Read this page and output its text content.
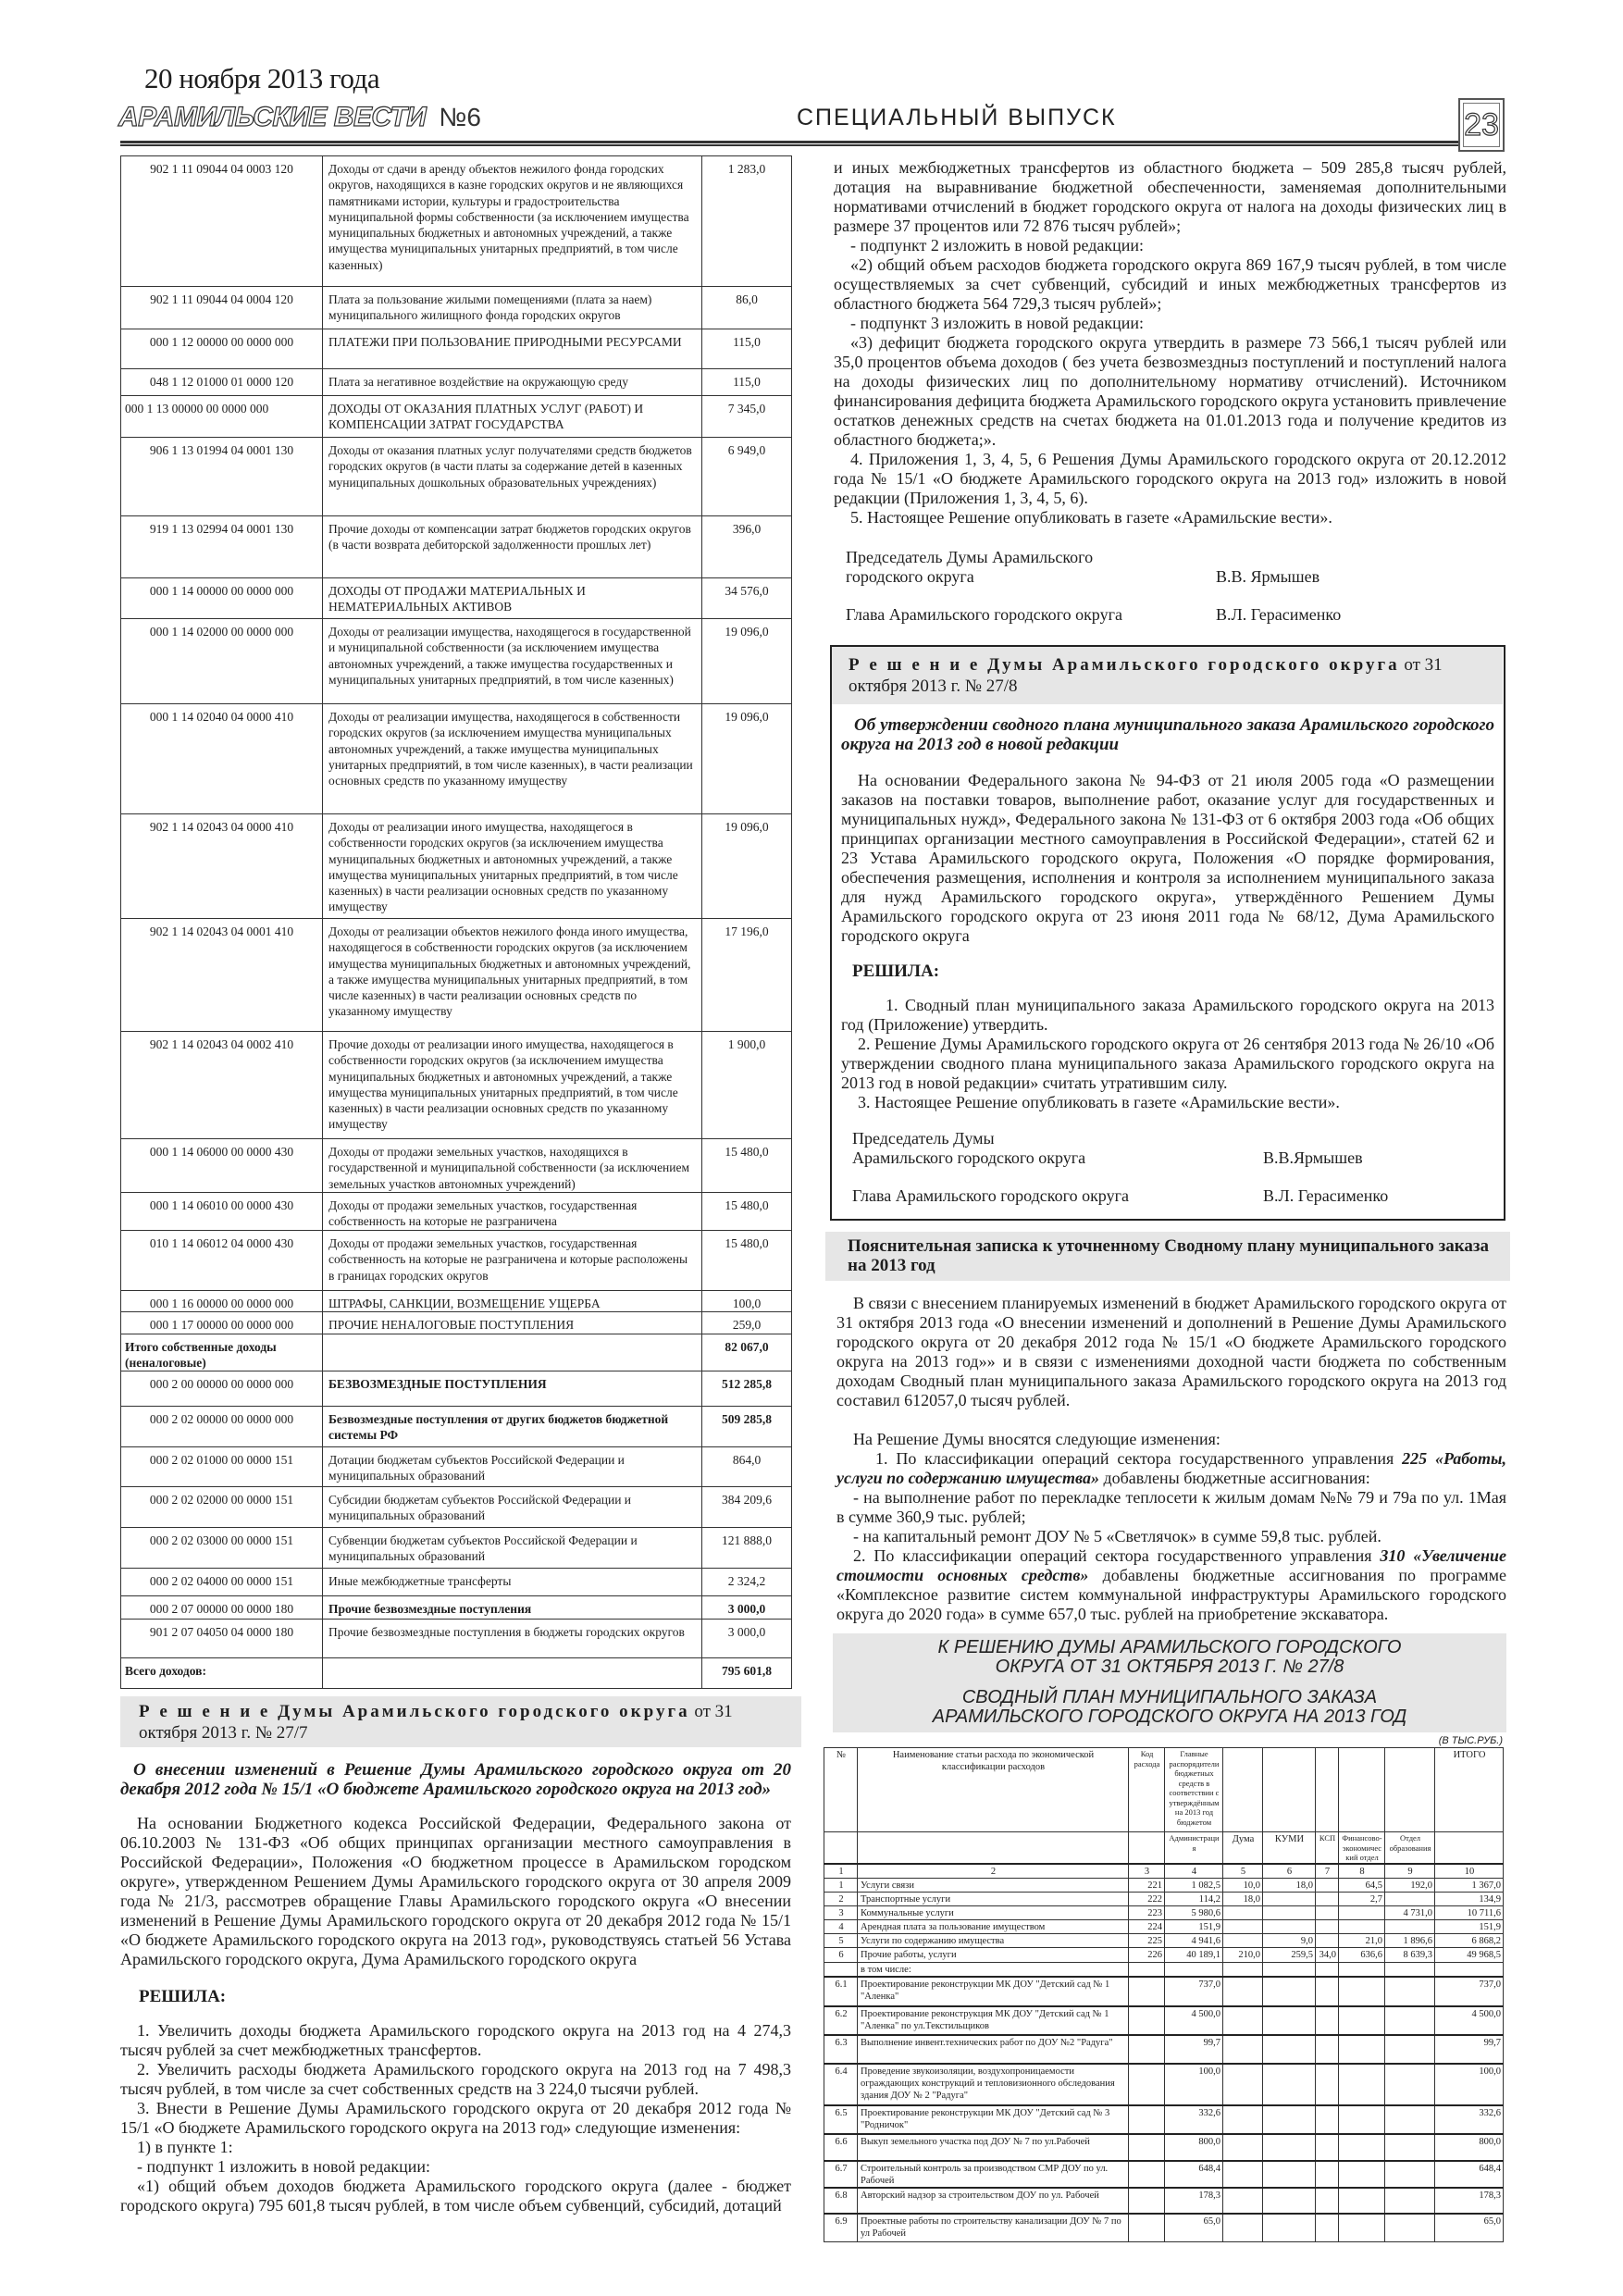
20 ноября 2013 года
АРАМИЛЬСКИЕ ВЕСТИ №6	СПЕЦИАЛЬНЫЙ ВЫПУСК	23
902 1 11 09044 04 0003 120	Доходы от сдачи в аренду объектов нежилого фонда городских округов, находящихся в казне городских округов и не являющихся памятниками истории, культуры и градостроительства муниципальной формы собственности (за исключением имущества муниципальных бюджетных и автономных учреждений, а также имущества муниципальных унитарных предприятий, в том числе казенных)	1 283,0
902 1 11 09044 04 0004 120	Плата за пользование жилыми помещениями (плата за наем) муниципального жилищного фонда городских округов	86,0
000 1 12 00000 00 0000 000	ПЛАТЕЖИ ПРИ ПОЛЬЗОВАНИЕ ПРИРОДНЫМИ РЕСУРСАМИ	115,0
048 1 12 01000 01 0000 120	Плата за негативное воздействие на окружающую среду	115,0
000 1 13 00000 00 0000 000	ДОХОДЫ ОТ ОКАЗАНИЯ ПЛАТНЫХ УСЛУГ (РАБОТ) И КОМПЕНСАЦИИ ЗАТРАТ ГОСУДАРСТВА	7 345,0
906 1 13 01994 04 0001 130	Доходы от оказания платных услуг получателями средств бюджетов городских округов (в части платы за содержание детей в казенных муниципальных дошкольных образовательных учреждениях)	6 949,0
919 1 13 02994 04 0001 130	Прочие доходы от компенсации затрат бюджетов городских округов (в части возврата дебиторской задолженности прошлых лет)	396,0
000 1 14 00000 00 0000 000	ДОХОДЫ ОТ ПРОДАЖИ МАТЕРИАЛЬНЫХ И НЕМАТЕРИАЛЬНЫХ АКТИВОВ	34 576,0
000 1 14 02000 00 0000 000	Доходы от реализации имущества, находящегося в государственной и муниципальной собственности (за исключением имущества автономных учреждений, а также имущества государственных и муниципальных унитарных предприятий, в том числе казенных)	19 096,0
000 1 14 02040 04 0000 410	Доходы от реализации имущества, находящегося в собственности городских округов (за исключением имущества муниципальных автономных учреждений, а также имущества муниципальных унитарных предприятий, в том числе казенных), в части реализации основных средств по указанному имуществу	19 096,0
902 1 14 02043 04 0000 410	Доходы от реализации иного имущества, находящегося в собственности городских округов (за исключением имущества муниципальных бюджетных и автономных учреждений, а также имущества муниципальных унитарных предприятий, в том числе казенных) в части реализации основных средств по указанному имуществу	19 096,0
902 1 14 02043 04 0001 410	Доходы от реализации объектов нежилого фонда иного имущества, находящегося в собственности городских округов (за исключением имущества муниципальных бюджетных и автономных учреждений, а также имущества муниципальных унитарных предприятий, в том числе казенных) в части реализации основных средств по указанному имуществу	17 196,0
902 1 14 02043 04 0002 410	Прочие доходы от реализации иного имущества, находящегося в собственности городских округов (за исключением имущества муниципальных бюджетных и автономных учреждений, а также имущества муниципальных унитарных предприятий, в том числе казенных) в части реализации основных средств по указанному имуществу	1 900,0
000 1 14 06000 00 0000 430	Доходы от продажи земельных участков, находящихся в государственной и муниципальной собственности (за исключением земельных участков автономных учреждений)	15 480,0
000 1 14 06010 00 0000 430	Доходы от продажи земельных участков, государственная собственность на которые не разграничена	15 480,0
010 1 14 06012 04 0000 430	Доходы от продажи земельных участков, государственная собственность на которые не разграничена и которые расположены в границах городских округов	15 480,0
000 1 16 00000 00 0000 000	ШТРАФЫ, САНКЦИИ, ВОЗМЕЩЕНИЕ УЩЕРБА	100,0
000 1 17 00000 00 0000 000	ПРОЧИЕ НЕНАЛОГОВЫЕ ПОСТУПЛЕНИЯ	259,0
Итого собственные доходы (неналоговые)		82 067,0
000 2 00 00000 00 0000 000	БЕЗВОЗМЕЗДНЫЕ ПОСТУПЛЕНИЯ	512 285,8
000 2 02 00000 00 0000 000	Безвозмездные поступления от других бюджетов бюджетной системы РФ	509 285,8
000 2 02 01000 00 0000 151	Дотации бюджетам субъектов Российской Федерации и муниципальных образований	864,0
000 2 02 02000 00 0000 151	Субсидии бюджетам субъектов Российской Федерации и муниципальных образований	384 209,6
000 2 02 03000 00 0000 151	Субвенции бюджетам субъектов Российской Федерации и муниципальных образований	121 888,0
000 2 02 04000 00 0000 151	Иные межбюджетные трансферты	2 324,2
000 2 07 00000 00 0000 180	Прочие безвозмездные поступления	3 000,0
901 2 07 04050 04 0000 180	Прочие безвозмездные поступления в бюджеты городских округов	3 000,0
Всего доходов:		795 601,8
Р е ш е н и е Думы Арамильского городского округа от 31 октября 2013 г. № 27/7
О внесении изменений в Решение Думы Арамильского городского округа от 20 декабря 2012 года № 15/1 «О бюджете Арамильского городского округа на 2013 год»

На основании Бюджетного кодекса Российской Федерации, Федерального закона от 06.10.2003 № 131-ФЗ «Об общих принципах организации местного самоуправления в Российской Федерации», Положения «О бюджетном процессе в Арамильском городском округе», утвержденном Решением Думы Арамильского городского округа от 30 апреля 2009 года № 21/3, рассмотрев обращение Главы Арамильского городского округа «О внесении изменений в Решение Думы Арамильского городского округа от 20 декабря 2012 года № 15/1 «О бюджете Арамильского городского округа на 2013 год», руководствуясь статьей 56 Устава Арамильского городского округа, Дума Арамильского городского округа

РЕШИЛА:

1. Увеличить доходы бюджета Арамильского городского округа на 2013 год на 4 274,3 тысяч рублей за счет межбюджетных трансфертов.

2. Увеличить расходы бюджета Арамильского городского округа на 2013 год на 7 498,3 тысяч рублей, в том числе за счет собственных средств на 3 224,0 тысячи рублей.

3. Внести в Решение Думы Арамильского городского округа от 20 декабря 2012 года № 15/1 «О бюджете Арамильского городского округа на 2013 год» следующие изменения:

1) в пункте 1:

- подпункт 1 изложить в новой редакции:

«1) общий объем доходов бюджета Арамильского городского округа (далее - бюджет городского округа) 795 601,8 тысяч рублей, в том числе объем субвенций, субсидий, дотаций

и иных межбюджетных трансфертов из областного бюджета – 509 285,8 тысяч рублей, дотация на выравнивание бюджетной обеспеченности, заменяемая дополнительными нормативами отчислений в бюджет городского округа от налога на доходы физических лиц в размере 37 процентов или 72 876 тысяч рублей»;

- подпункт 2 изложить в новой редакции:

«2) общий объем расходов бюджета городского округа 869 167,9 тысяч рублей, в том числе осуществляемых за счет субвенций, субсидий и иных межбюджетных трансфертов из областного бюджета 564 729,3 тысяч рублей»;

- подпункт 3 изложить в новой редакции:

«3) дефицит бюджета городского округа утвердить в размере 73 566,1 тысяч рублей или 35,0 процентов объема доходов ( без учета безвозмездныз поступлений и поступлений налога на доходы физических лиц по дополнительному нормативу отчислений). Источником финансирования дефицита бюджета Арамильского городского округа установить привлечение остатков денежных средств на счетах бюджета на 01.01.2013 года и получение кредитов из областного бюджета;».

4. Приложения 1, 3, 4, 5, 6 Решения Думы Арамильского городского округа от 20.12.2012 года № 15/1 «О бюджете Арамильского городского округа на 2013 год» изложить в новой редакции (Приложения 1, 3, 4, 5, 6).

5. Настоящее Решение опубликовать в газете «Арамильские вести».

Председатель Думы Арамильского
городского округа	В.В. Ярмышев
Глава Арамильского городского округа	В.Л. Герасименко
Р е ш е н и е Думы Арамильского городского округа от 31 октября 2013 г. № 27/8
Об утверждении сводного плана муниципального заказа Арамильского городского округа на 2013 год в новой редакции

На основании Федерального закона № 94-ФЗ от 21 июля 2005 года «О размещении заказов на поставки товаров, выполнение работ, оказание услуг для государственных и муниципальных нужд», Федерального закона № 131-ФЗ от 6 октября 2003 года «Об общих принципах организации местного самоуправления в Российской Федерации», статей 62 и 23 Устава Арамильского городского округа, Положения «О порядке формирования, обеспечения размещения, исполнения и контроля за исполнением муниципального заказа для нужд Арамильского городского округа», утверждённого Решением Думы Арамильского городского округа от 23 июня 2011 года № 68/12, Дума Арамильского городского округа

РЕШИЛА:

1. Сводный план муниципального заказа Арамильского городского округа на 2013 год (Приложение) утвердить.

2. Решение Думы Арамильского городского округа от 26 сентября 2013 года № 26/10 «Об утверждении сводного плана муниципального заказа Арамильского городского округа на 2013 год в новой редакции» считать утратившим силу.

3. Настоящее Решение опубликовать в газете «Арамильские вести».

Председатель Думы
Арамильского городского округа	В.В.Ярмышев
Глава Арамильского городского округа	В.Л. Герасименко
Пояснительная записка к уточненному Сводному плану муниципального заказа на 2013 год

В связи с внесением планируемых изменений в бюджет Арамильского городского округа от 31 октября 2013 года «О внесении изменений и дополнений в Решение Думы Арамильского городского округа от 20 декабря 2012 года № 15/1 «О бюджете Арамильского городского округа на 2013 год»» и в связи с изменениями доходной части бюджета по собственным доходам Сводный план муниципального заказа Арамильского городского округа на 2013 год составил 612057,0 тысяч рублей.

На Решение Думы вносятся следующие изменения:

1. По классификации операций сектора государственного управления 225 «Работы, услуги по содержанию имущества» добавлены бюджетные ассигнования:

- на выполнение работ по перекладке теплосети к жилым домам №№ 79 и 79а по ул. 1Мая в сумме 360,9 тыс. рублей;

- на капитальный ремонт ДОУ № 5 «Светлячок» в сумме 59,8 тыс. рублей.

2. По классификации операций сектора государственного управления 310 «Увеличение стоимости основных средств» добавлены бюджетные ассигнования по программе «Комплексное развитие систем коммунальной инфраструктуры Арамильского городского округа до 2020 года» в сумме 657,0 тыс. рублей на приобретение экскаватора.

К РЕШЕНИЮ ДУМЫ АРАМИЛЬСКОГО ГОРОДСКОГО
ОКРУГА ОТ 31 ОКТЯБРЯ 2013 Г. № 27/8
СВОДНЫЙ ПЛАН МУНИЦИПАЛЬНОГО ЗАКАЗА
АРАМИЛЬСКОГО ГОРОДСКОГО ОКРУГА НА 2013 ГОД
(В ТЫС.РУБ.)
№	Наименование статьи расхода по экономической классификации расходов	Код расхода	Главные распорядители бюджетных средств в соответствии с утверждённым на 2013 год бюджетом						ИТОГО
			Администрация	Дума	КУМИ	КСП	Финансово-экономический отдел	Отдел образования	
1	2	3	4	5	6	7	8	9	10
1	Услуги связи	221	1 082,5	10,0	18,0		64,5	192,0	1 367,0
2	Транспортные услуги	222	114,2	18,0			2,7		134,9
3	Коммунальные услуги	223	5 980,6					4 731,0	10 711,6
4	Арендная плата за пользование имуществом	224	151,9						151,9
5	Услуги по содержанию имущества	225	4 941,6		9,0		21,0	1 896,6	6 868,2
6	Прочие работы, услуги	226	40 189,1	210,0	259,5	34,0	636,6	8 639,3	49 968,5
	в том числе:								
6.1	Проектирование реконструкции МК ДОУ "Детский сад № 1 "Аленка"		737,0						737,0
6.2	Проектирование реконструкция МК ДОУ "Детский сад № 1 "Аленка" по ул.Текстильщиков		4 500,0						4 500,0
6.3	Выполнение инвент.технических работ по ДОУ №2 "Радуга"		99,7						99,7
6.4	Проведение звукоизоляции, воздухопроницаемости ограждающих конструкций и тепловизионного обследования здания ДОУ № 2 "Радуга"		100,0						100,0
6.5	Проектирование реконструкции МК ДОУ "Детский сад № 3 "Родничок"		332,6						332,6
6.6	Выкуп земельного участка под ДОУ № 7 по ул.Рабочей		800,0						800,0
6.7	Строительный контроль за производством СМР ДОУ по ул. Рабочей		648,4						648,4
6.8	Авторский надзор за строительством ДОУ по ул. Рабочей		178,3						178,3
6.9	Проектные работы по строительству канализации ДОУ № 7 по ул Рабочей		65,0						65,0
